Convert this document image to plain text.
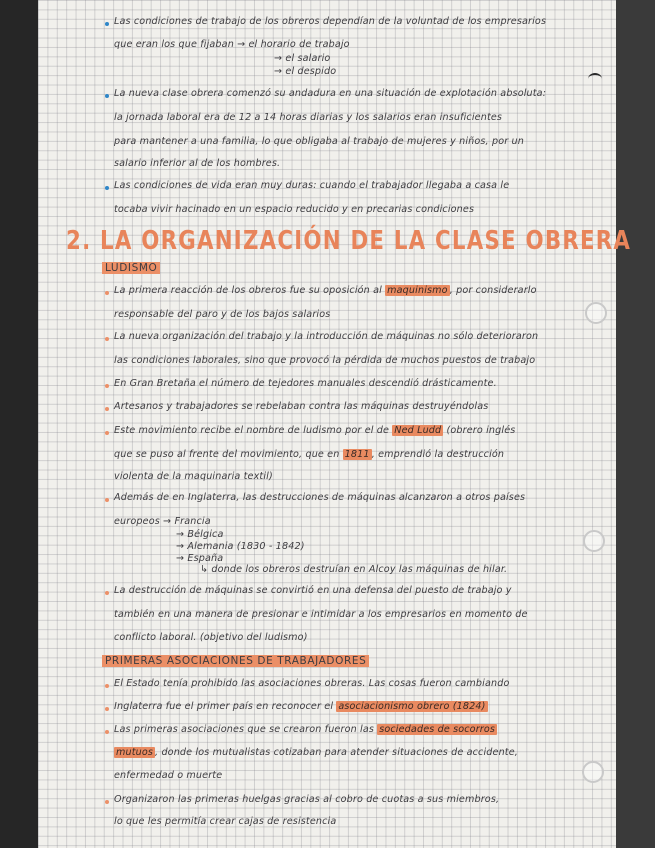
Las condiciones de trabajo de los obreros dependían de la voluntad de los empresarios
que eran los que fijaban → el horario de trabajo
→ el salario
→ el despido
La nueva clase obrera comenzó su andadura en una situación de explotación absoluta:
la jornada laboral era de 12 a 14 horas diarias y los salarios eran insuficientes
para mantener a una familia, lo que obligaba al trabajo de mujeres y niños, por un
salario inferior al de los hombres.
Las condiciones de vida eran muy duras: cuando el trabajador llegaba a casa le
tocaba vivir hacinado en un espacio reducido y en precarias condiciones
2. LA ORGANIZACIÓN DE LA CLASE OBRERA
LUDISMO
La primera reacción de los obreros fue su oposición al maquinismo , por considerarlo
responsable del paro y de los bajos salarios
La nueva organización del trabajo y la introducción de máquinas no sólo deterioraron
las condiciones laborales, sino que provocó la pérdida de muchos puestos de trabajo
En Gran Bretaña el número de tejedores manuales descendió drásticamente.
Artesanos y trabajadores se rebelaban contra las máquinas destruyéndolas
Este movimiento recibe el nombre de ludismo por el de Ned Ludd (obrero inglés
que se puso al frente del movimiento, que en 1811 , emprendió la destrucción
violenta de la maquinaria textil)
Además de en Inglaterra, las destrucciones de máquinas alcanzaron a otros países
europeos → Francia
→ Bélgica
→ Alemania (1830 - 1842)
→ España
↳ donde los obreros destruían en Alcoy las máquinas de hilar.
La destrucción de máquinas se convirtió en una defensa del puesto de trabajo y
también en una manera de presionar e intimidar a los empresarios en momento de
conflicto laboral. (objetivo del ludismo)
PRIMERAS ASOCIACIONES DE TRABAJADORES
El Estado tenía prohibido las asociaciones obreras. Las cosas fueron cambiando
Inglaterra fue el primer país en reconocer el asociacionismo obrero (1824)
Las primeras asociaciones que se crearon fueron las sociedades de socorros
mutuos , donde los mutualistas cotizaban para atender situaciones de accidente,
enfermedad o muerte
Organizaron las primeras huelgas gracias al cobro de cuotas a sus miembros,
lo que les permitía crear cajas de resistencia
